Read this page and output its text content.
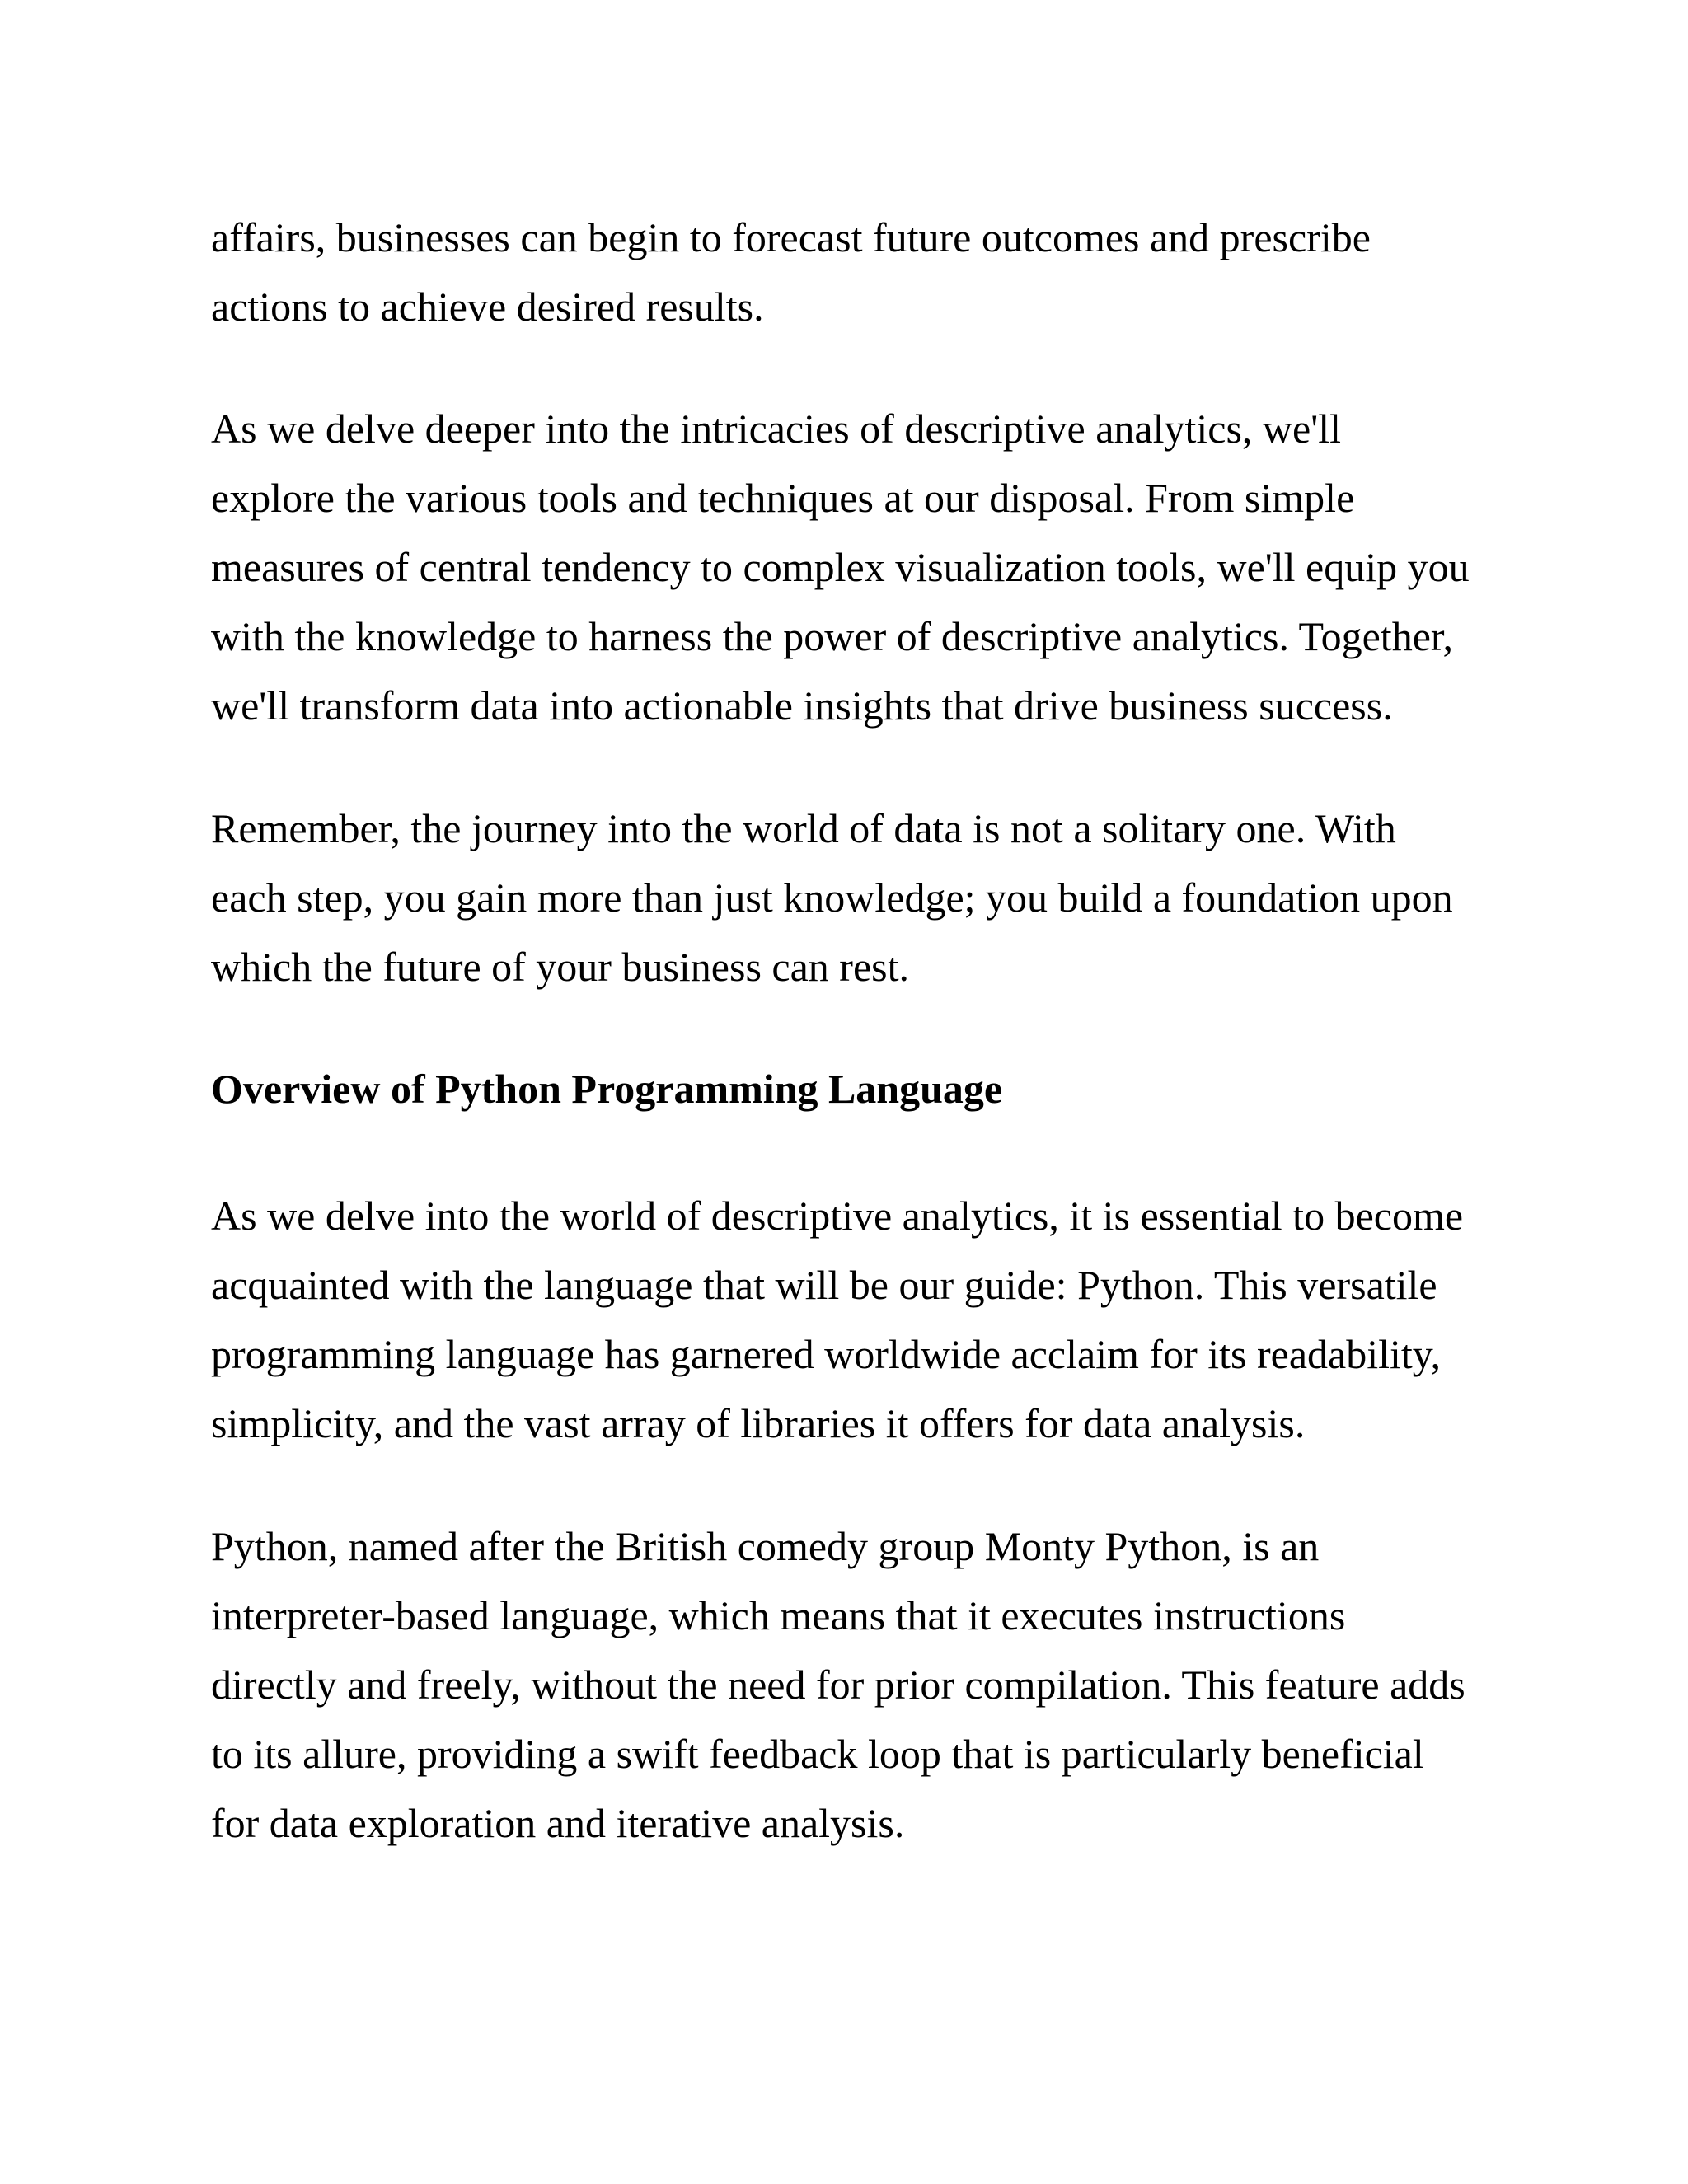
affairs, businesses can begin to forecast future outcomes and prescribe

actions to achieve desired results.

As we delve deeper into the intricacies of descriptive analytics, we'll

explore the various tools and techniques at our disposal. From simple

measures of central tendency to complex visualization tools, we'll equip you

with the knowledge to harness the power of descriptive analytics. Together,

we'll transform data into actionable insights that drive business success.

Remember, the journey into the world of data is not a solitary one. With

each step, you gain more than just knowledge; you build a foundation upon

which the future of your business can rest.

Overview of Python Programming Language

As we delve into the world of descriptive analytics, it is essential to become

acquainted with the language that will be our guide: Python. This versatile

programming language has garnered worldwide acclaim for its readability,

simplicity, and the vast array of libraries it offers for data analysis.

Python, named after the British comedy group Monty Python, is an

interpreter-based language, which means that it executes instructions

directly and freely, without the need for prior compilation. This feature adds

to its allure, providing a swift feedback loop that is particularly beneficial

for data exploration and iterative analysis.
